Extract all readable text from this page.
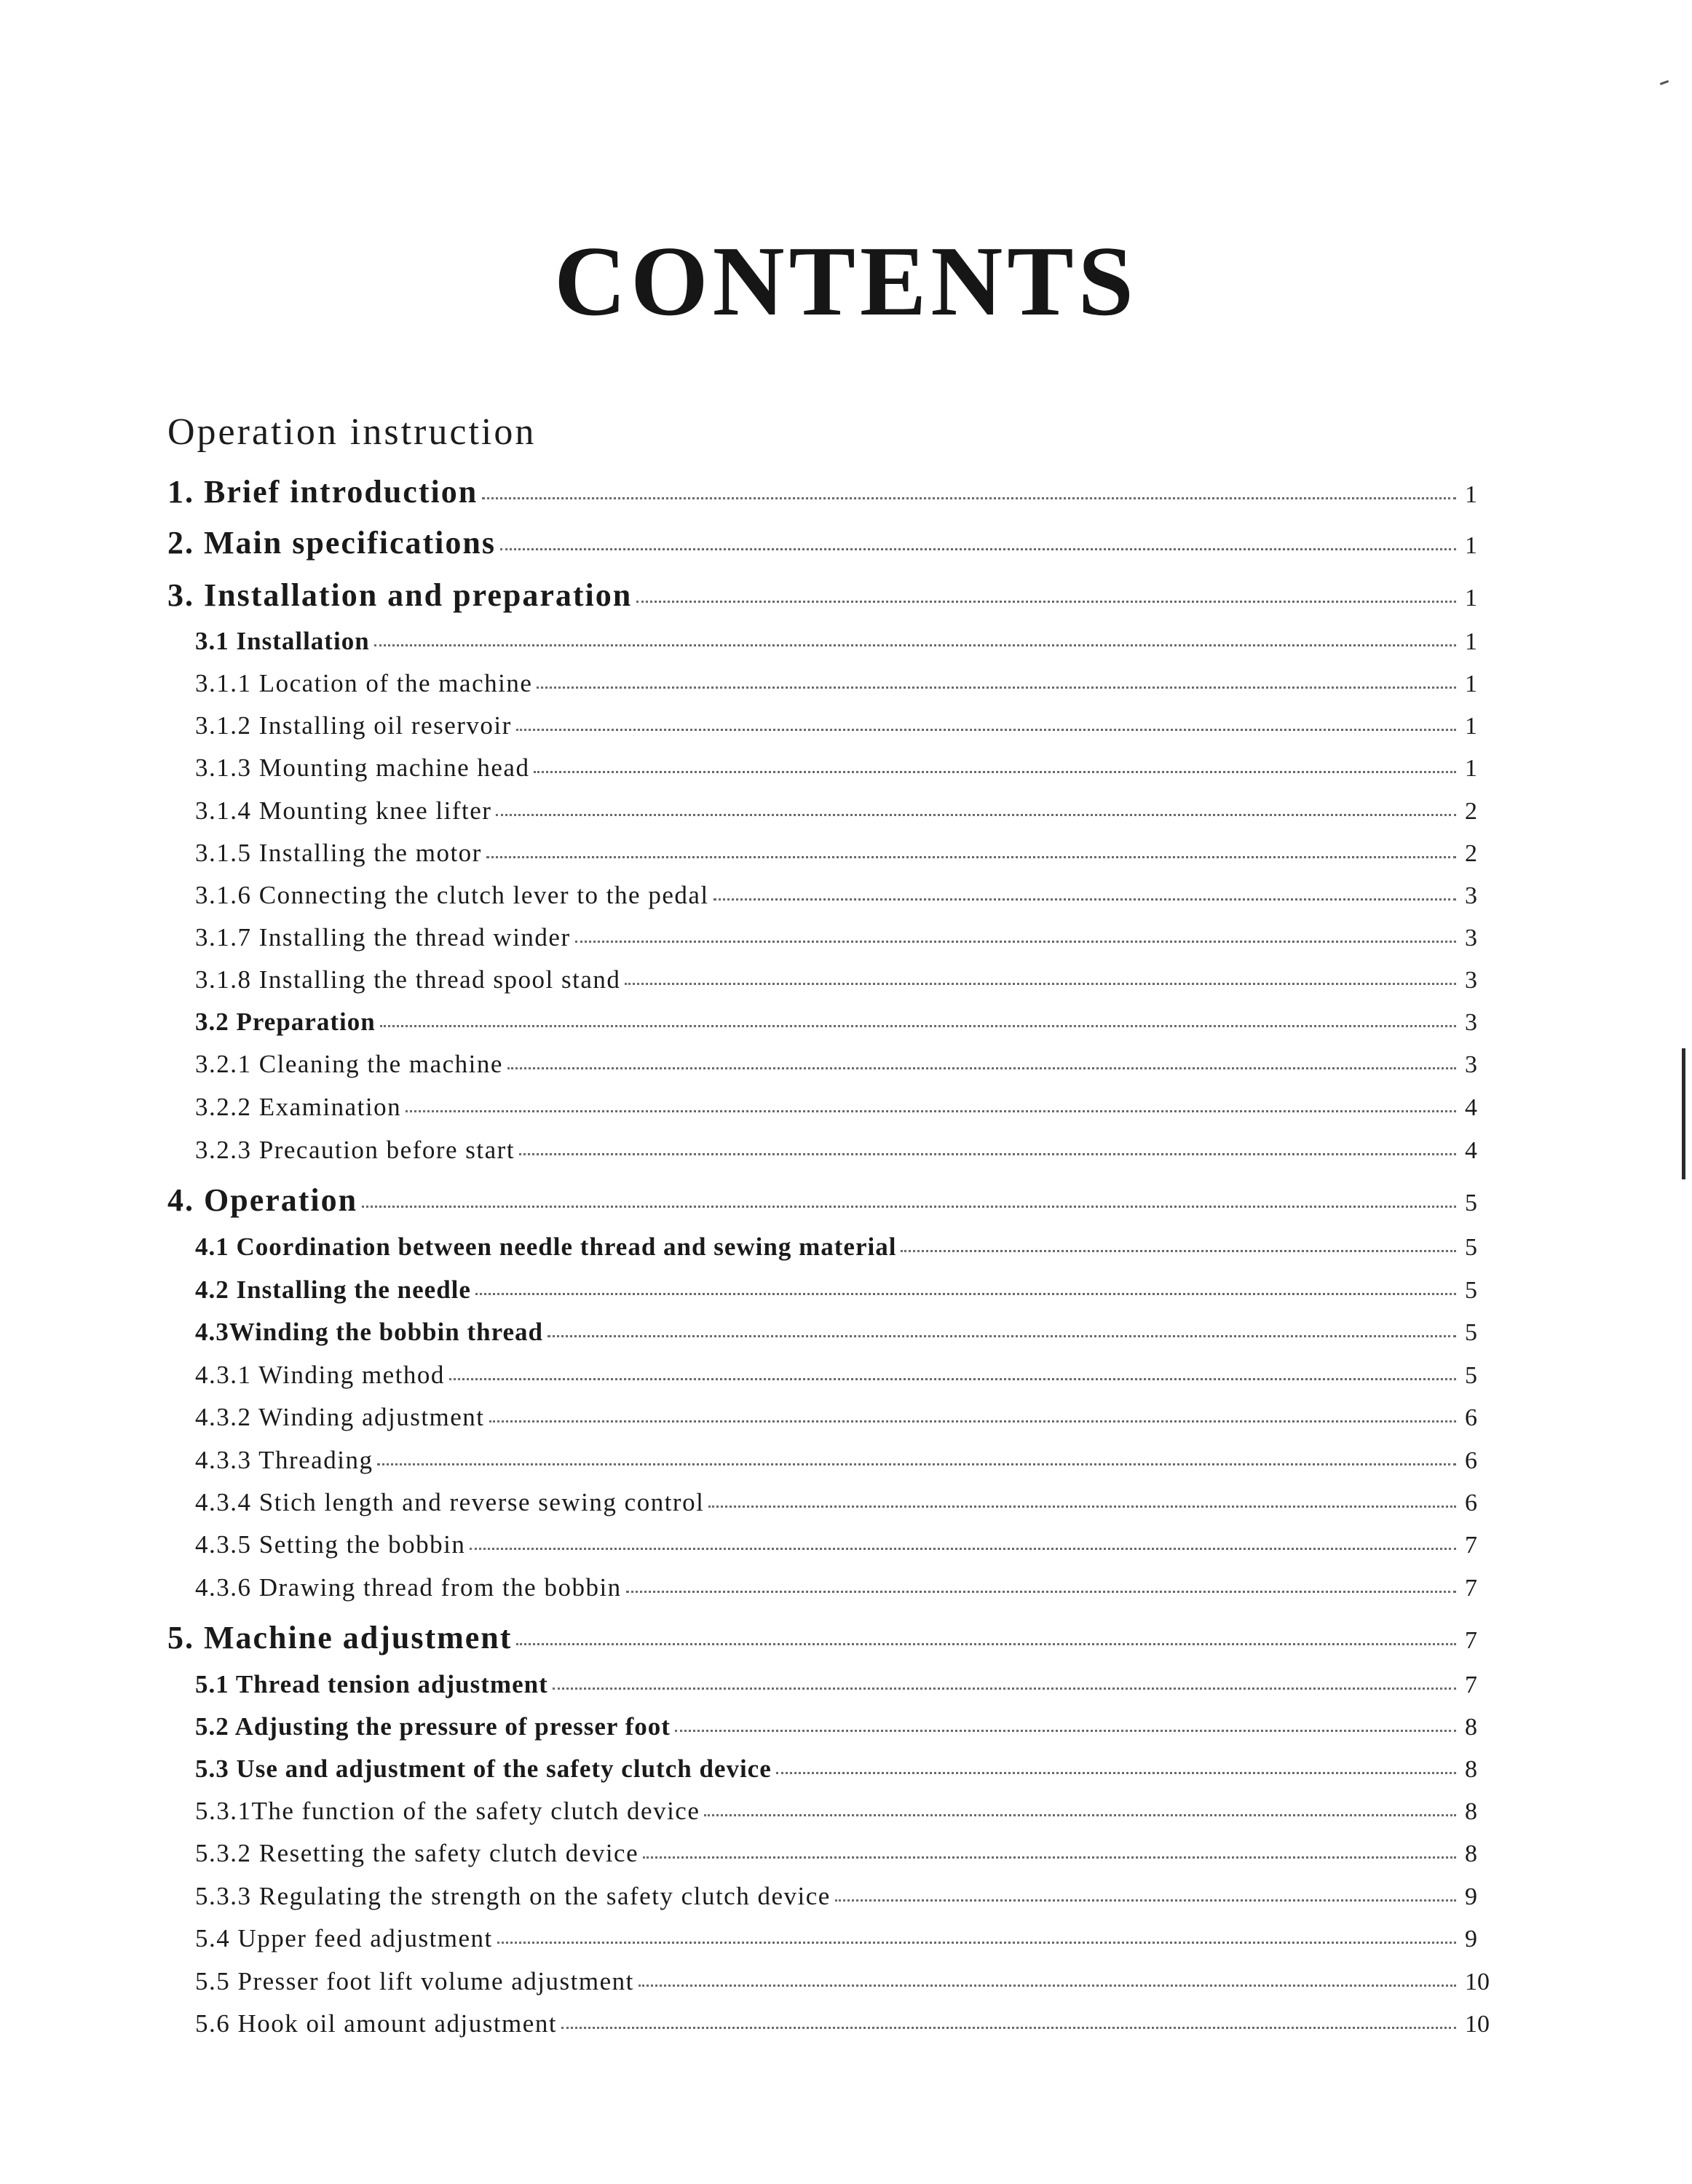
CONTENTS
Operation instruction
1. Brief introduction	1
2. Main specifications	1
3. Installation and preparation	1
3.1 Installation	1
3.1.1 Location of the machine	1
3.1.2 Installing oil reservoir	1
3.1.3 Mounting machine head	1
3.1.4 Mounting knee lifter	2
3.1.5 Installing the motor	2
3.1.6 Connecting the clutch lever to the pedal	3
3.1.7 Installing the thread winder	3
3.1.8 Installing the thread spool stand	3
3.2 Preparation	3
3.2.1 Cleaning the machine	3
3.2.2 Examination	4
3.2.3 Precaution before start	4
4. Operation	5
4.1 Coordination between needle thread and sewing material	5
4.2 Installing the needle	5
4.3Winding the bobbin thread	5
4.3.1 Winding method	5
4.3.2 Winding adjustment	6
4.3.3 Threading	6
4.3.4 Stich length and reverse sewing control	6
4.3.5 Setting the bobbin	7
4.3.6 Drawing thread from the bobbin	7
5. Machine adjustment	7
5.1 Thread tension adjustment	7
5.2 Adjusting the pressure of presser foot	8
5.3 Use and adjustment of the safety clutch device	8
5.3.1The function of the safety clutch device	8
5.3.2 Resetting the safety clutch device	8
5.3.3 Regulating the strength on the safety clutch device	9
5.4 Upper feed adjustment	9
5.5 Presser foot lift volume adjustment	10
5.6 Hook oil amount adjustment	10
